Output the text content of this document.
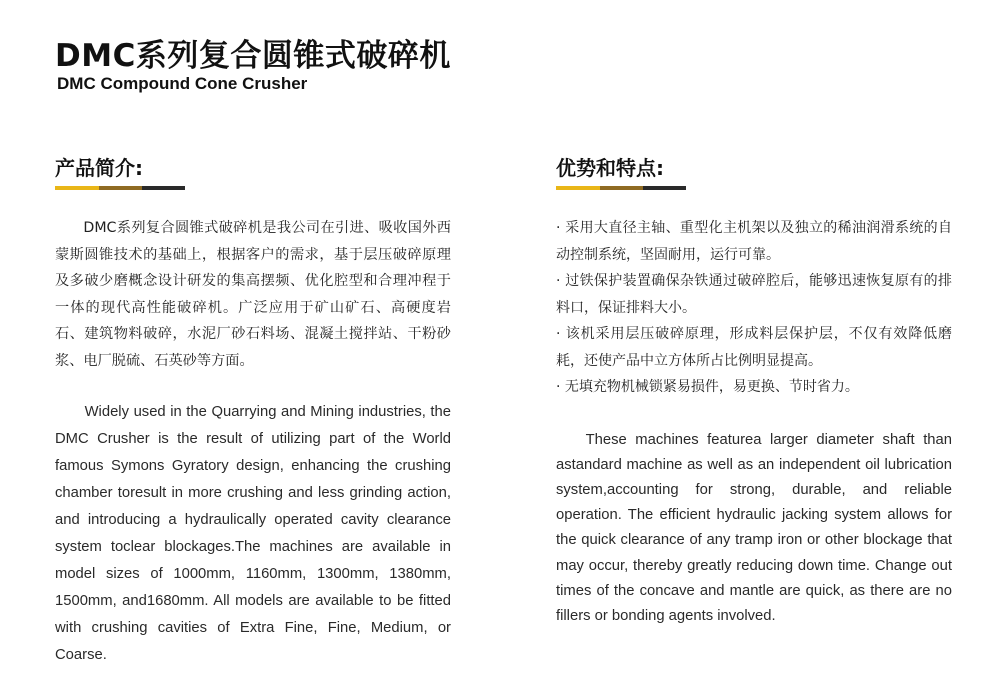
DMC系列复合圆锥式破碎机
DMC Compound Cone Crusher
产品简介:

DMC系列复合圆锥式破碎机是我公司在引进、吸收国外西蒙斯圆锥技术的基础上，根据客户的需求，基于层压破碎原理及多破少磨概念设计研发的集高摆频、优化腔型和合理冲程于一体的现代高性能破碎机。广泛应用于矿山矿石、高硬度岩石、建筑物料破碎，水泥厂砂石料场、混凝土搅拌站、干粉砂浆、电厂脱硫、石英砂等方面。

Widely used in the Quarrying and Mining industries, the DMC Crusher is the result of utilizing part of the World famous Symons Gyratory design, enhancing the crushing chamber toresult in more crushing and less grinding action, and introducing a hydraulically operated cavity clearance system toclear blockages.The machines are available in model sizes of 1000mm, 1160mm, 1300mm, 1380mm, 1500mm, and1680mm. All models are available to be fitted with crushing cavities of Extra Fine, Fine, Medium, or Coarse.

优势和特点:
· 采用大直径主轴、重型化主机架以及独立的稀油润滑系统的自动控制系统，坚固耐用，运行可靠。
· 过铁保护装置确保杂铁通过破碎腔后，能够迅速恢复原有的排料口，保证排料大小。
· 该机采用层压破碎原理，形成料层保护层，不仅有效降低磨耗，还使产品中立方体所占比例明显提高。
· 无填充物机械锁紧易损件，易更换、节时省力。

These machines featurea larger diameter shaft than astandard machine as well as an independent oil lubrication system,accounting for strong, durable, and reliable operation. The efficient hydraulic jacking system allows for the quick clearance of any tramp iron or other blockage that may occur, thereby greatly reducing down time. Change out times of the concave and mantle are quick, as there are no fillers or bonding agents involved.
